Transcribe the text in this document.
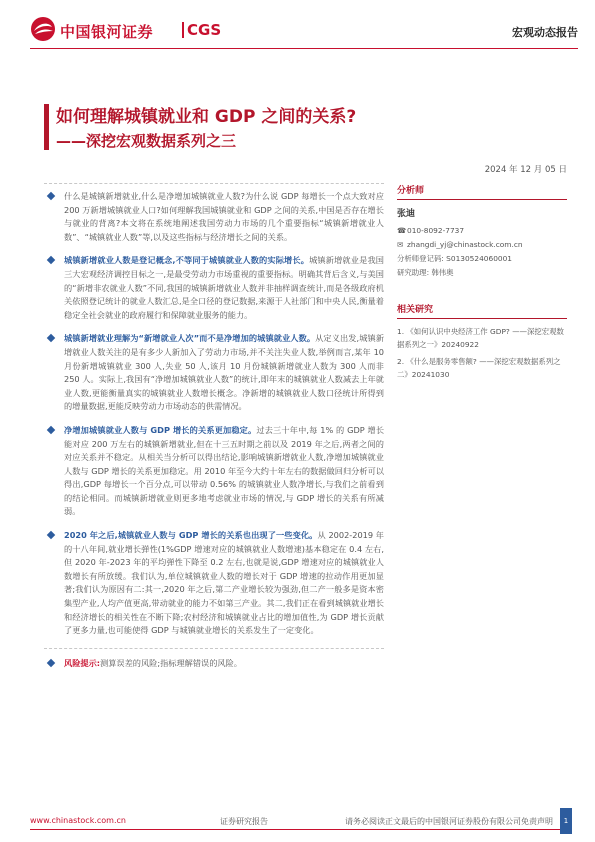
中国银河证券 CGS	宏观动态报告
如何理解城镇就业和 GDP 之间的关系?
——深挖宏观数据系列之三
2024 年 12 月 05 日
什么是城镇新增就业,什么是净增加城镇就业人数?为什么说 GDP 每增长一个点大致对应 200 万新增城镇就业人口?如何理解我国城镇就业和 GDP 之间的关系,中国是否存在增长与就业的背离?本文将在系统地阐述我国劳动力市场的几个重要指标“城镇新增就业人数”、“城镇就业人数”等,以及这些指标与经济增长之间的关系。
城镇新增就业人数是登记概念,不等同于城镇就业人数的实际增长。城镇新增就业是我国三大宏观经济调控目标之一,是最受劳动力市场重视的重要指标。明确其背后含义,与美国的“新增非农就业人数”不同,我国的城镇新增就业人数并非抽样调查统计,而是各级政府机关依照登记统计的就业人数汇总,是全口径的登记数据,来源于人社部门和中央人民,衡量着稳定全社会就业的政府履行和保障就业服务的能力。
城镇新增就业理解为“新增就业人次”而不是净增加的城镇就业人数。从定义出发,城镇新增就业人数关注的是有多少人新加入了劳动力市场,并不关注失业人数,举例而言,某年 10 月份新增城镇就业 300 人,失业 50 人,该月 10 月份城镇新增就业人数为 300 人而非 250 人。实际上,我国有“净增加城镇就业人数”的统计,即年末的城镇就业人数减去上年就业人数,更能衡量真实的城镇就业人数增长概念。净新增的城镇就业人数口径统计所得到的增量数据,更能反映劳动力市场动态的供需情况。
净增加城镇就业人数与 GDP 增长的关系更加稳定。过去三十年中,每 1% 的 GDP 增长能对应 200 万左右的城镇新增就业,但在十三五时期之前以及 2019 年之后,两者之间的对应关系并不稳定。从相关当分析可以得出结论,影响城镇新增就业人数,净增加城镇就业人数与 GDP 增长的关系更加稳定。用 2010 年至今大约十年左右的数据做回归分析可以得出,GDP 每增长一个百分点,可以带动 0.56% 的城镇就业人数净增长,与我们之前看到的结论相同。而城镇新增就业则更多地考虑就业市场的情况,与 GDP 增长的关系有所减弱。
2020 年之后,城镇就业人数与 GDP 增长的关系也出现了一些变化。从 2002-2019 年的十八年间,就业增长弹性(1%GDP 增速对应的城镇就业人数增速)基本稳定在 0.4 左右,但 2020 年-2023 年的平均弹性下降至 0.2 左右,也就是说,GDP 增速对应的城镇就业人数增长有所放缓。我们认为,单位城镇就业人数的增长对于 GDP 增速的拉动作用更加显著;我们认为原因有二:其一,2020 年之后,第二产业增长较为强劲,但二产一般多是资本密集型产业,人均产值更高,带动就业的能力不如第三产业。其二,我们正在看到城镇就业增长和经济增长的相关性在不断下降;农村经济和城镇就业占比的增加值性,为 GDP 增长贡献了更多力量,也可能使得 GDP 与城镇就业增长的关系发生了一定变化。
风险提示:测算误差的风险;指标理解错误的风险。
分析师
张迪
☎010-8092-7737
✉ zhangdi_yj@chinastock.com.cn
分析师登记码: S0130524060001
研究助理: 韩伟奥
相关研究
1. 《如何认识中央经济工作 GDP? ——深挖宏观数据系列之一》20240922
2. 《什么是服务零售额? ——深挖宏观数据系列之二》20241030
www.chinastock.com.cn	证券研究报告	请务必阅读正文最后的中国银河证券股份有限公司免责声明	1
